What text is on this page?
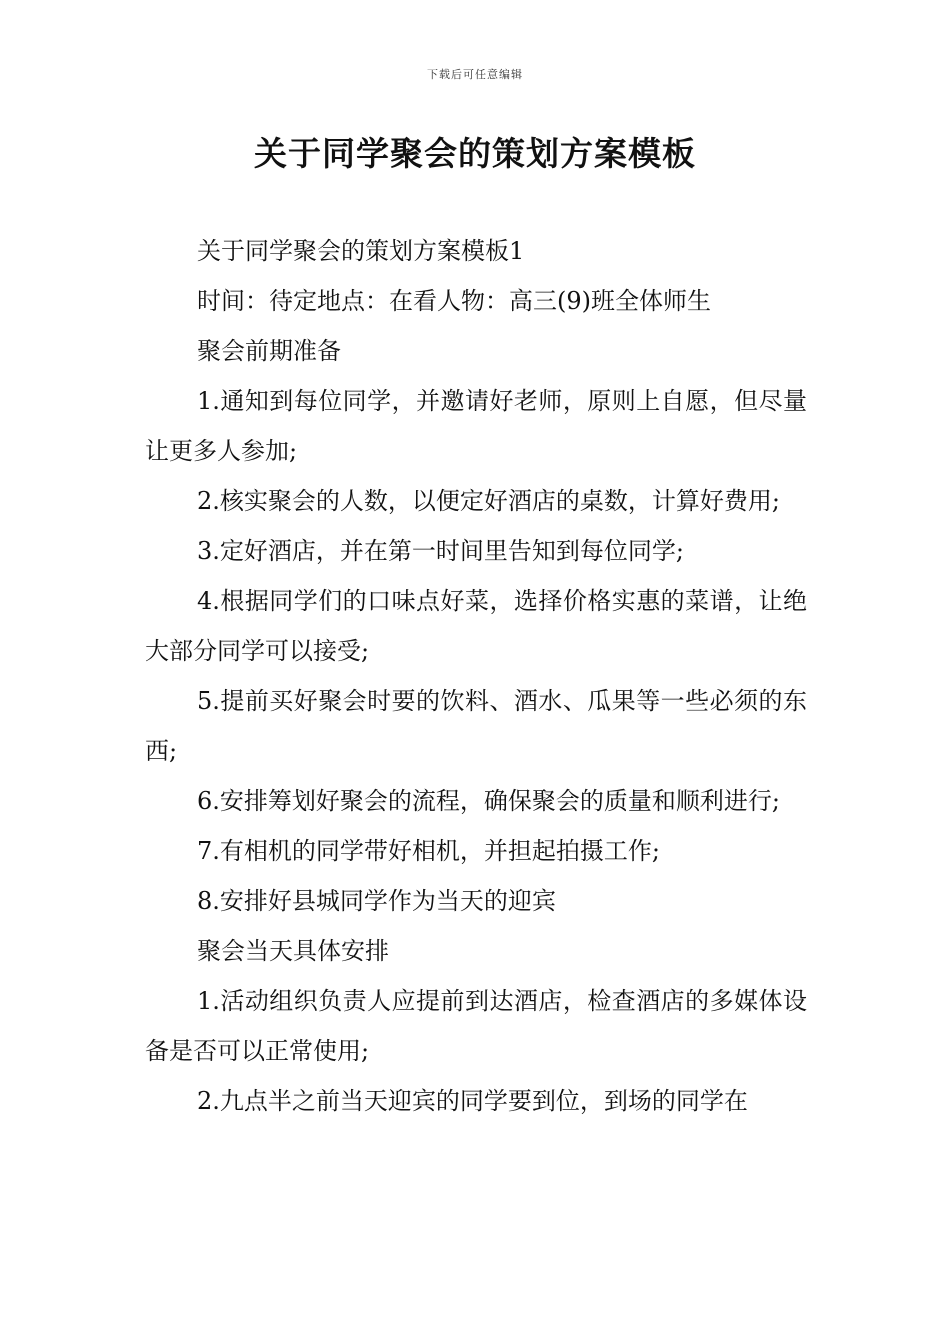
下载后可任意编辑
关于同学聚会的策划方案模板

关于同学聚会的策划方案模板1

时间：待定地点：在看人物：高三(9)班全体师生

聚会前期准备

1.通知到每位同学，并邀请好老师，原则上自愿，但尽量让更多人参加;

2.核实聚会的人数，以便定好酒店的桌数，计算好费用;

3.定好酒店，并在第一时间里告知到每位同学;

4.根据同学们的口味点好菜，选择价格实惠的菜谱，让绝大部分同学可以接受;

5.提前买好聚会时要的饮料、酒水、瓜果等一些必须的东西;

6.安排筹划好聚会的流程，确保聚会的质量和顺利进行;

7.有相机的同学带好相机，并担起拍摄工作;

8.安排好县城同学作为当天的迎宾

聚会当天具体安排

1.活动组织负责人应提前到达酒店，检查酒店的多媒体设备是否可以正常使用;

2.九点半之前当天迎宾的同学要到位，到场的同学在
